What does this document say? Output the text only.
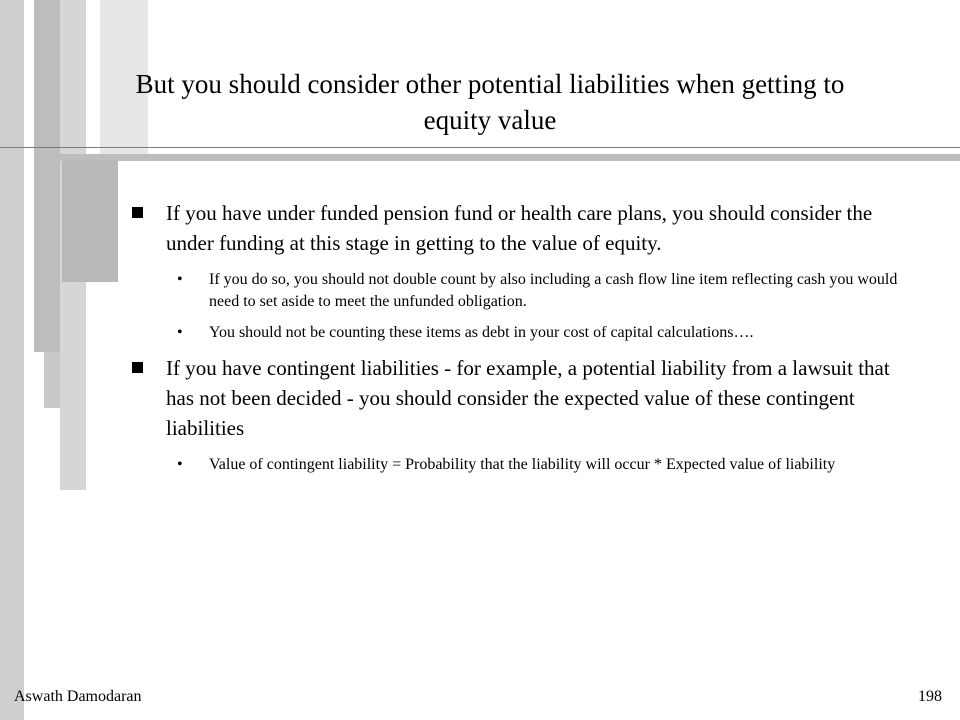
But you should consider other potential liabilities when getting to equity value
If you have under funded pension fund or health care plans, you should consider the under funding at this stage in getting to the value of equity.
• If you do so, you should not double count by also including a cash flow line item reflecting cash you would need to set aside to meet the unfunded obligation.
• You should not be counting these items as debt in your cost of capital calculations….
If you have contingent liabilities - for example, a potential liability from a lawsuit that has not been decided - you should consider the expected value of these contingent liabilities
• Value of contingent liability = Probability that the liability will occur * Expected value of liability
Aswath Damodaran	198
